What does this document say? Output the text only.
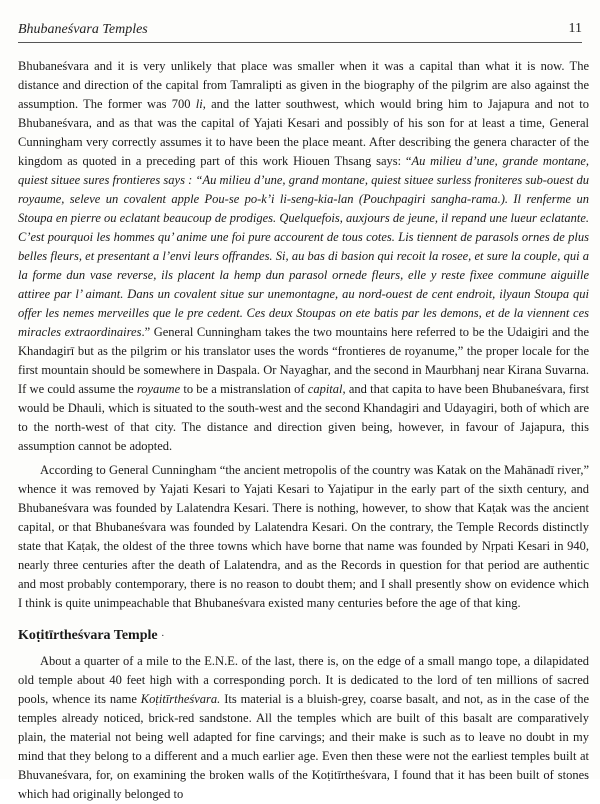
Bhubaneśvara Temples	11

Bhubaneśvara and it is very unlikely that place was smaller when it was a capital than what it is now. The distance and direction of the capital from Tamralipti as given in the biography of the pilgrim are also against the assumption. The former was 700 li, and the latter southwest, which would bring him to Jajapura and not to Bhubaneśvara, and as that was the capital of Yajati Kesari and possibly of his son for at least a time, General Cunningham very correctly assumes it to have been the place meant. After describing the genera character of the kingdom as quoted in a preceding part of this work Hiouen Thsang says: “Au milieu d’une, grande montane, quiest situee sures frontieres says : “Au milieu d’une, grand montane, quiest situee surless froniteres sub-ouest du royaume, seleve un covalent apple Pou-se po-k’i li-seng-kia-lan (Pouchpagiri sangha-rama.). Il renferme un Stoupa en pierre ou eclatant beaucoup de prodiges. Quelquefois, auxjours de jeune, il repand une lueur eclatante. C’est pourquoi les hommes qu’ anime une foi pure accourent de tous cotes. Lis tiennent de parasols ornes de plus belles fleurs, et presentant a l’envi leurs offrandes. Si, au bas di basion qui recoit la rosee, et sure la couple, qui a la forme dun vase reverse, ils placent la hemp dun parasol ornede fleurs, elle y reste fixee commune aiguille attiree par l’ aimant. Dans un covalent situe sur unemontagne, au nord-ouest de cent endroit, ilyaun Stoupa qui offer les nemes merveilles que le pre cedent. Ces deux Stoupas on ete batis par les demons, et de la viennent ces miracles extraordinaires.” General Cunningham takes the two mountains here referred to be the Udaigiri and the Khandagirī but as the pilgrim or his translator uses the words “frontieres de royanume,” the proper locale for the first mountain should be somewhere in Daspala. Or Nayaghar, and the second in Maurbhanj near Kirana Suvarna. If we could assume the royaume to be a mistranslation of capital, and that capita to have been Bhubaneśvara, first would be Dhauli, which is situated to the south-west and the second Khandagiri and Udayagiri, both of which are to the north-west of that city. The distance and direction given being, however, in favour of Jajapura, this assumption cannot be adopted.

According to General Cunningham “the ancient metropolis of the country was Katak on the Mahānadī river,” whence it was removed by Yajati Kesari to Yajati Kesari to Yajatipur in the early part of the sixth century, and Bhubaneśvara was founded by Lalatendra Kesari. There is nothing, however, to show that Kaṭak was the ancient capital, or that Bhubaneśvara was founded by Lalatendra Kesari. On the contrary, the Temple Records distinctly state that Kaṭak, the oldest of the three towns which have borne that name was founded by Nṛpati Kesari in 940, nearly three centuries after the death of Lalatendra, and as the Records in question for that period are authentic and most probably contemporary, there is no reason to doubt them; and I shall presently show on evidence which I think is quite unimpeachable that Bhubaneśvara existed many centuries before the age of that king.

Koṭitīrtheśvara Temple ·

About a quarter of a mile to the E.N.E. of the last, there is, on the edge of a small mango tope, a dilapidated old temple about 40 feet high with a corresponding porch. It is dedicated to the lord of ten millions of sacred pools, whence its name Koṭitīrtheśvara. Its material is a bluish-grey, coarse basalt, and not, as in the case of the temples already noticed, brick-red sandstone. All the temples which are built of this basalt are comparatively plain, the material not being well adapted for fine carvings; and their make is such as to leave no doubt in my mind that they belong to a different and a much earlier age. Even then these were not the earliest temples built at Bhuvaneśvara, for, on examining the broken walls of the Koṭitīrtheśvara, I found that it has been built of stones which had originally belonged to
